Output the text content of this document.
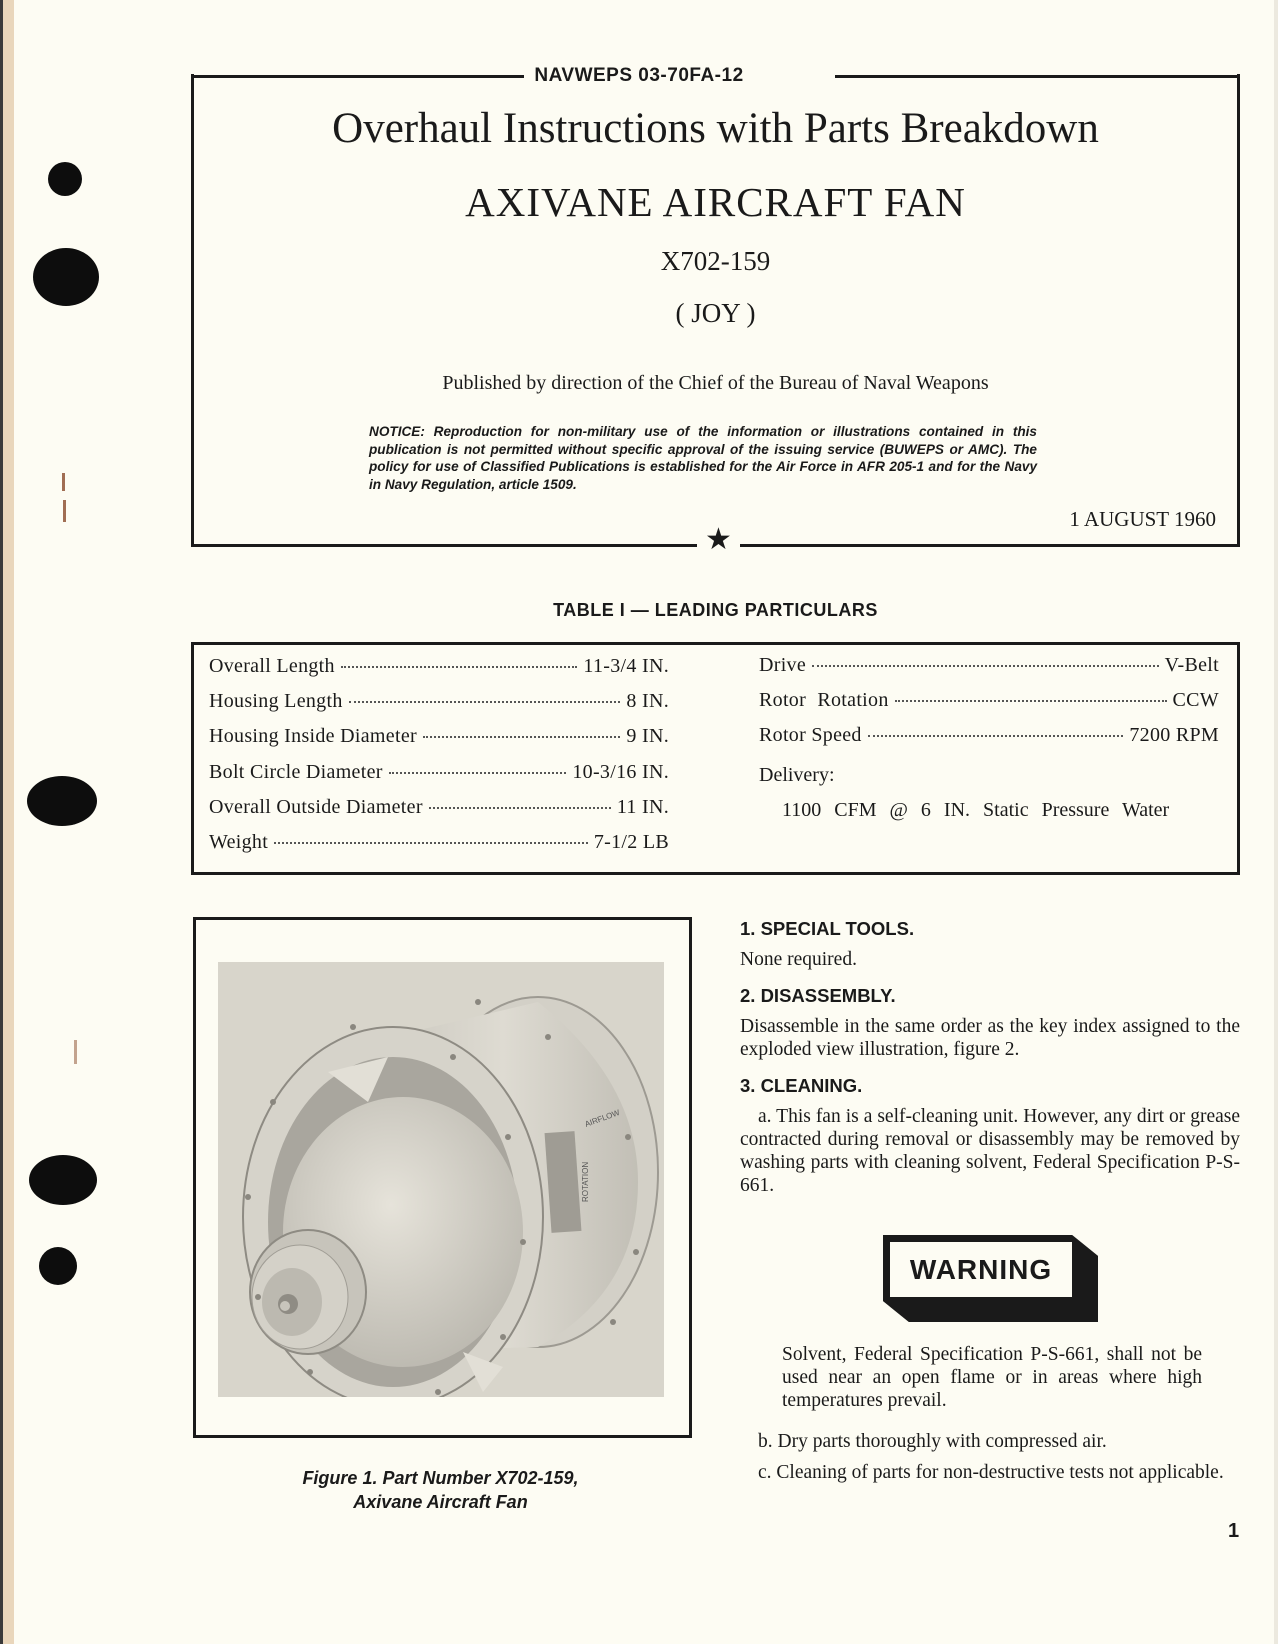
NAVWEPS 03-70FA-12
Overhaul Instructions with Parts Breakdown
AXIVANE AIRCRAFT FAN
X702-159
( JOY )
Published by direction of the Chief of the Bureau of Naval Weapons
NOTICE: Reproduction for non-military use of the information or illustrations contained in this publication is not permitted without specific approval of the issuing service (BUWEPS or AMC). The policy for use of Classified Publications is established for the Air Force in AFR 205-1 and for the Navy in Navy Regulation, article 1509.
1 AUGUST 1960
★
TABLE I — LEADING PARTICULARS
Overall Length	11-3/4 IN.
Housing Length	8 IN.
Housing Inside Diameter	9 IN.
Bolt Circle Diameter	10-3/16 IN.
Overall Outside Diameter	11 IN.
Weight	7-1/2 LB
Drive	V-Belt
Rotor Rotation	CCW
Rotor Speed	7200 RPM
Delivery:
1100 CFM @ 6 IN. Static Pressure Water
AIRFLOW
ROTATION
Figure 1. Part Number X702-159,
Axivane Aircraft Fan
1. SPECIAL TOOLS.
None required.
2. DISASSEMBLY.
Disassemble in the same order as the key index assigned to the exploded view illustration, figure 2.
3. CLEANING.
a. This fan is a self-cleaning unit. However, any dirt or grease contracted during removal or disassembly may be removed by washing parts with cleaning solvent, Federal Specification P-S-661.
WARNING
Solvent, Federal Specification P-S-661, shall not be used near an open flame or in areas where high temperatures prevail.
b. Dry parts thoroughly with compressed air.
c. Cleaning of parts for non-destructive tests not applicable.
1
